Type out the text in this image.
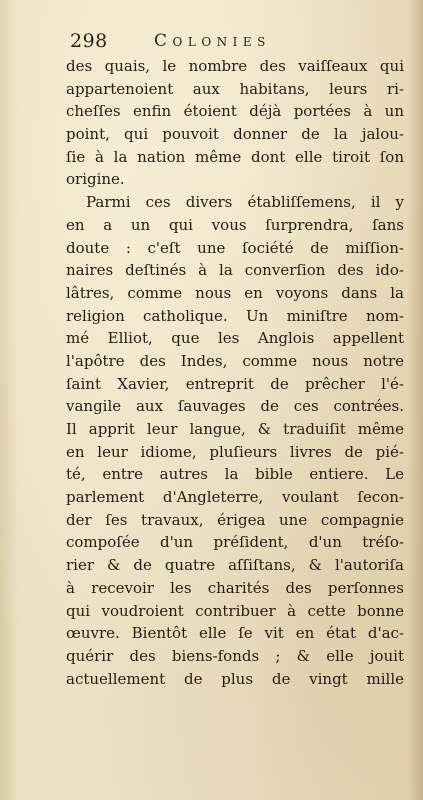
298	Colonies
des quais, le nombre des vaiſſeaux qui
appartenoient aux habitans, leurs ri-
cheſſes enfin étoient déjà portées à un
point, qui pouvoit donner de la jalou-
ſie à la nation même dont elle tiroit ſon
origine.
Parmi ces divers établiſſemens, il y
en a un qui vous ſurprendra, ſans
doute : c'eſt une ſociété de miſſion-
naires deſtinés à la converſion des ido-
lâtres, comme nous en voyons dans la
religion catholique. Un miniſtre nom-
mé Elliot, que les Anglois appellent
l'apôtre des Indes, comme nous notre
ſaint Xavier, entreprit de prêcher l'é-
vangile aux ſauvages de ces contrées.
Il apprit leur langue, & traduiſit même
en leur idiome, pluſieurs livres de pié-
té, entre autres la bible entiere. Le
parlement d'Angleterre, voulant ſecon-
der ſes travaux, érigea une compagnie
compoſée d'un préſident, d'un tréſo-
rier & de quatre aſſiſtans, & l'autoriſa
à recevoir les charités des perſonnes
qui voudroient contribuer à cette bonne
œuvre. Bientôt elle ſe vit en état d'ac-
quérir des biens-fonds ; & elle jouit
actuellement de plus de vingt mille
